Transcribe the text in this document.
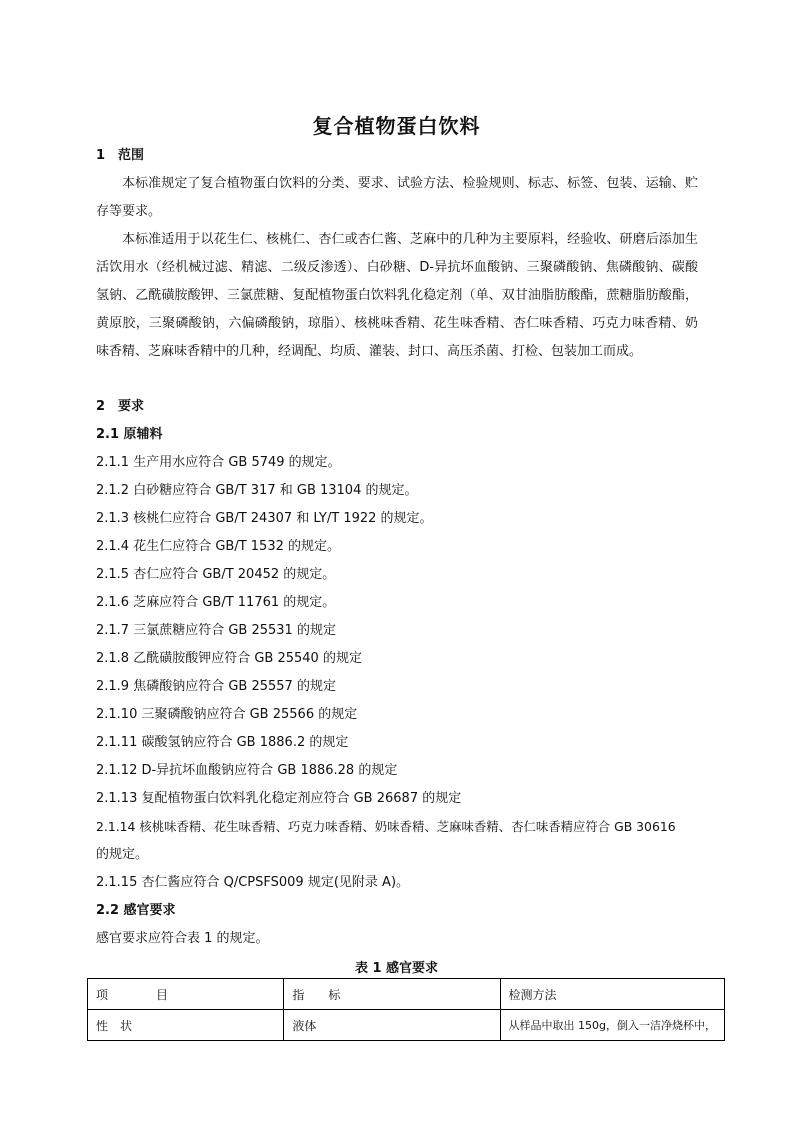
复合植物蛋白饮料
1　范围
本标准规定了复合植物蛋白饮料的分类、要求、试验方法、检验规则、标志、标签、包装、运输、贮存等要求。
本标准适用于以花生仁、核桃仁、杏仁或杏仁酱、芝麻中的几种为主要原料，经验收、研磨后添加生活饮用水（经机械过滤、精滤、二级反渗透）、白砂糖、D-异抗坏血酸钠、三聚磷酸钠、焦磷酸钠、碳酸氢钠、乙酰磺胺酸钾、三氯蔗糖、复配植物蛋白饮料乳化稳定剂（单、双甘油脂肪酸酯，蔗糖脂肪酸酯，黄原胶，三聚磷酸钠，六偏磷酸钠，琼脂）、核桃味香精、花生味香精、杏仁味香精、巧克力味香精、奶味香精、芝麻味香精中的几种，经调配、均质、灌装、封口、高压杀菌、打检、包装加工而成。
2　要求
2.1 原辅料
2.1.1 生产用水应符合 GB 5749 的规定。
2.1.2 白砂糖应符合 GB/T 317 和 GB 13104 的规定。
2.1.3 核桃仁应符合 GB/T 24307 和 LY/T 1922 的规定。
2.1.4 花生仁应符合 GB/T 1532 的规定。
2.1.5 杏仁应符合 GB/T 20452 的规定。
2.1.6 芝麻应符合 GB/T 11761 的规定。
2.1.7 三氯蔗糖应符合 GB 25531 的规定
2.1.8 乙酰磺胺酸钾应符合 GB 25540 的规定
2.1.9 焦磷酸钠应符合 GB 25557 的规定
2.1.10 三聚磷酸钠应符合 GB 25566 的规定
2.1.11 碳酸氢钠应符合 GB 1886.2 的规定
2.1.12 D-异抗坏血酸钠应符合 GB 1886.28 的规定
2.1.13 复配植物蛋白饮料乳化稳定剂应符合 GB 26687 的规定
2.1.14 核桃味香精、花生味香精、巧克力味香精、奶味香精、芝麻味香精、杏仁味香精应符合 GB 30616
的规定。
2.1.15 杏仁酱应符合 Q/CPSFS009 规定(见附录 A)。
2.2 感官要求
感官要求应符合表 1 的规定。
表 1 感官要求
项　　　　目	指　　标	检测方法
性　状	液体	从样品中取出 150g，倒入一洁净烧杯中，
